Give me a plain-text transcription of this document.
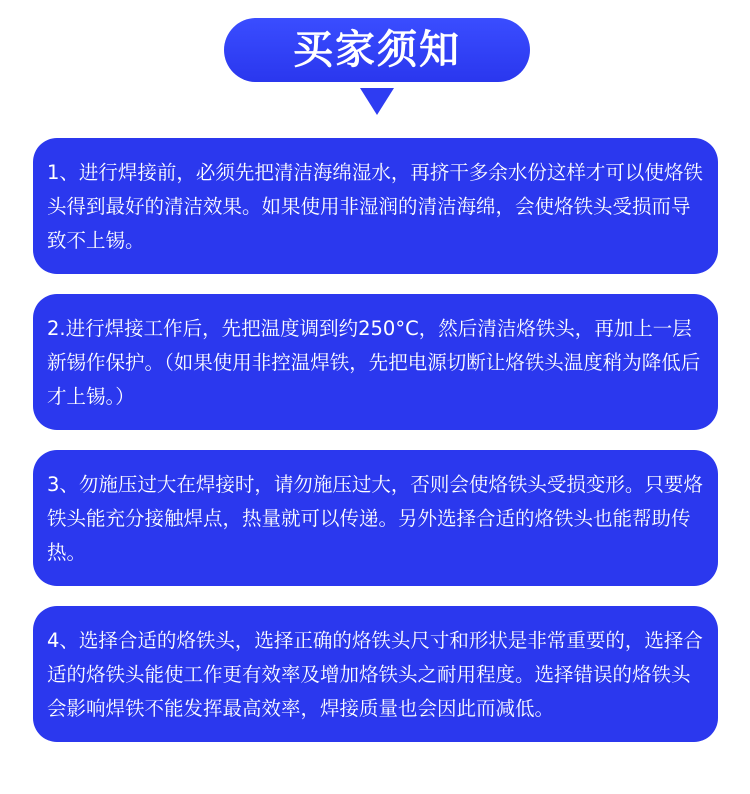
买家须知

1、进行焊接前，必须先把清洁海绵湿水，再挤干多余水份这样才可以使烙铁头得到最好的清洁效果。如果使用非湿润的清洁海绵，会使烙铁头受损而导致不上锡。

2.进行焊接工作后，先把温度调到约250°C，然后清洁烙铁头，再加上一层新锡作保护。（如果使用非控温焊铁，先把电源切断让烙铁头温度稍为降低后才上锡。）

3、勿施压过大在焊接时，请勿施压过大，否则会使烙铁头受损变形。只要烙铁头能充分接触焊点，热量就可以传递。另外选择合适的烙铁头也能帮助传热。

4、选择合适的烙铁头，选择正确的烙铁头尺寸和形状是非常重要的，选择合适的烙铁头能使工作更有效率及增加烙铁头之耐用程度。选择错误的烙铁头会影响焊铁不能发挥最高效率，焊接质量也会因此而减低。
